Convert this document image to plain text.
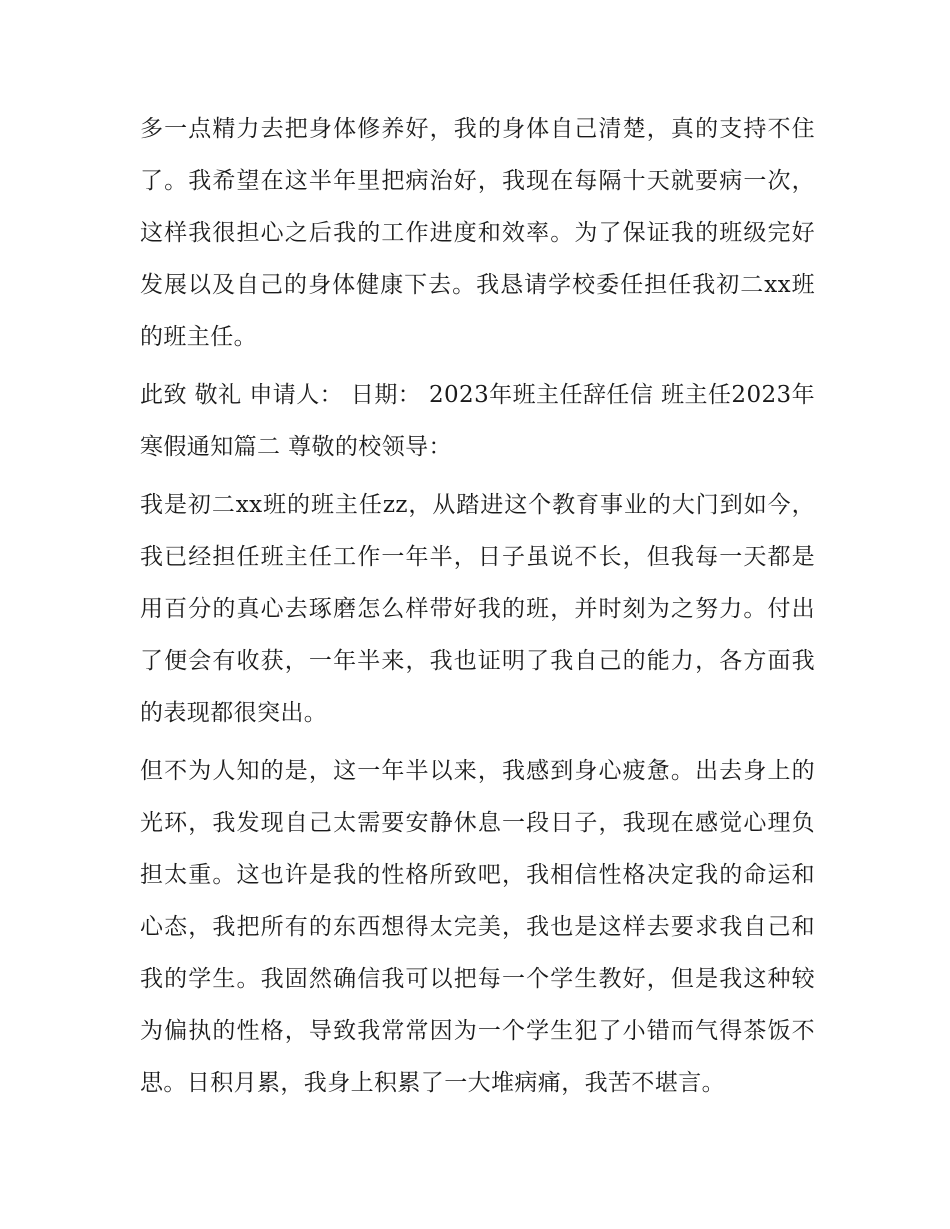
多一点精力去把身体修养好，我的身体自己清楚，真的支持不住了。我希望在这半年里把病治好，我现在每隔十天就要病一次，这样我很担心之后我的工作进度和效率。为了保证我的班级完好发展以及自己的身体健康下去。我恳请学校委任担任我初二xx班的班主任。

此致 敬礼 申请人： 日期： 2023年班主任辞任信 班主任2023年寒假通知篇二 尊敬的校领导：

我是初二xx班的班主任zz，从踏进这个教育事业的大门到如今，我已经担任班主任工作一年半，日子虽说不长，但我每一天都是用百分的真心去琢磨怎么样带好我的班，并时刻为之努力。付出了便会有收获，一年半来，我也证明了我自己的能力，各方面我的表现都很突出。

但不为人知的是，这一年半以来，我感到身心疲惫。出去身上的光环，我发现自己太需要安静休息一段日子，我现在感觉心理负担太重。这也许是我的性格所致吧，我相信性格决定我的命运和心态，我把所有的东西想得太完美，我也是这样去要求我自己和我的学生。我固然确信我可以把每一个学生教好，但是我这种较为偏执的性格，导致我常常因为一个学生犯了小错而气得茶饭不思。日积月累，我身上积累了一大堆病痛，我苦不堪言。
